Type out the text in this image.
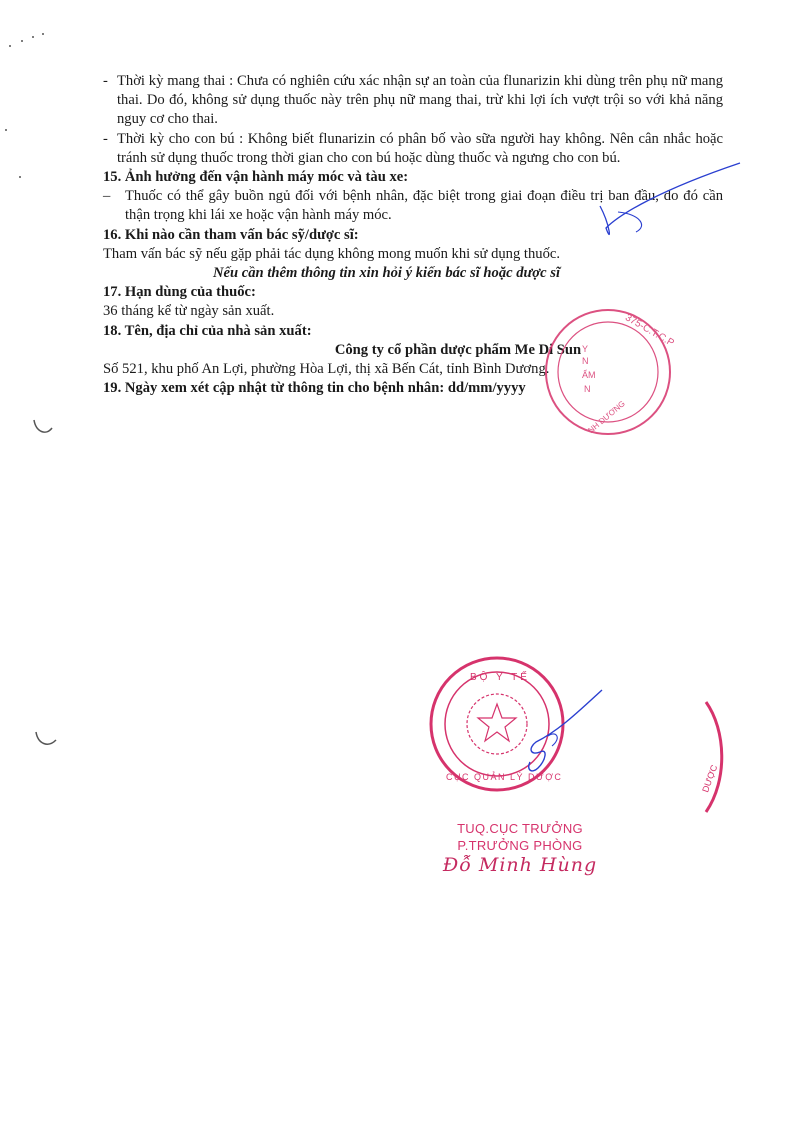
- Thời kỳ mang thai : Chưa có nghiên cứu xác nhận sự an toàn của flunarizin khi dùng trên phụ nữ mang thai. Do đó, không sử dụng thuốc này trên phụ nữ mang thai, trừ khi lợi ích vượt trội so với khả năng nguy cơ cho thai.
- Thời kỳ cho con bú : Không biết flunarizin có phân bố vào sữa người hay không. Nên cân nhắc hoặc tránh sử dụng thuốc trong thời gian cho con bú hoặc dùng thuốc và ngưng cho con bú.
15. Ảnh hưởng đến vận hành máy móc và tàu xe:
– Thuốc có thể gây buồn ngủ đối với bệnh nhân, đặc biệt trong giai đoạn điều trị ban đầu, do đó cần thận trọng khi lái xe hoặc vận hành máy móc.
16. Khi nào cần tham vấn bác sỹ/dược sĩ:
Tham vấn bác sỹ nếu gặp phải tác dụng không mong muốn khi sử dụng thuốc.
Nếu cần thêm thông tin xin hỏi ý kiến bác sĩ hoặc dược sĩ
17. Hạn dùng của thuốc:
36 tháng kể từ ngày sản xuất.
18. Tên, địa chỉ của nhà sản xuất:
Công ty cổ phần dược phẩm Me Di Sun
Số 521, khu phố An Lợi, phường Hòa Lợi, thị xã Bến Cát, tỉnh Bình Dương.
19. Ngày xem xét cập nhật từ thông tin cho bệnh nhân: dd/mm/yyyy
375-C.T.C.P
Y
N
ẨM
N
NH DƯƠNG
BỘ Y TẾ
CỤC QUẢN LÝ DƯỢC	DƯỢC
TUQ.CỤC TRƯỞNG
P.TRƯỞNG PHÒNG
Đỗ Minh Hùng
